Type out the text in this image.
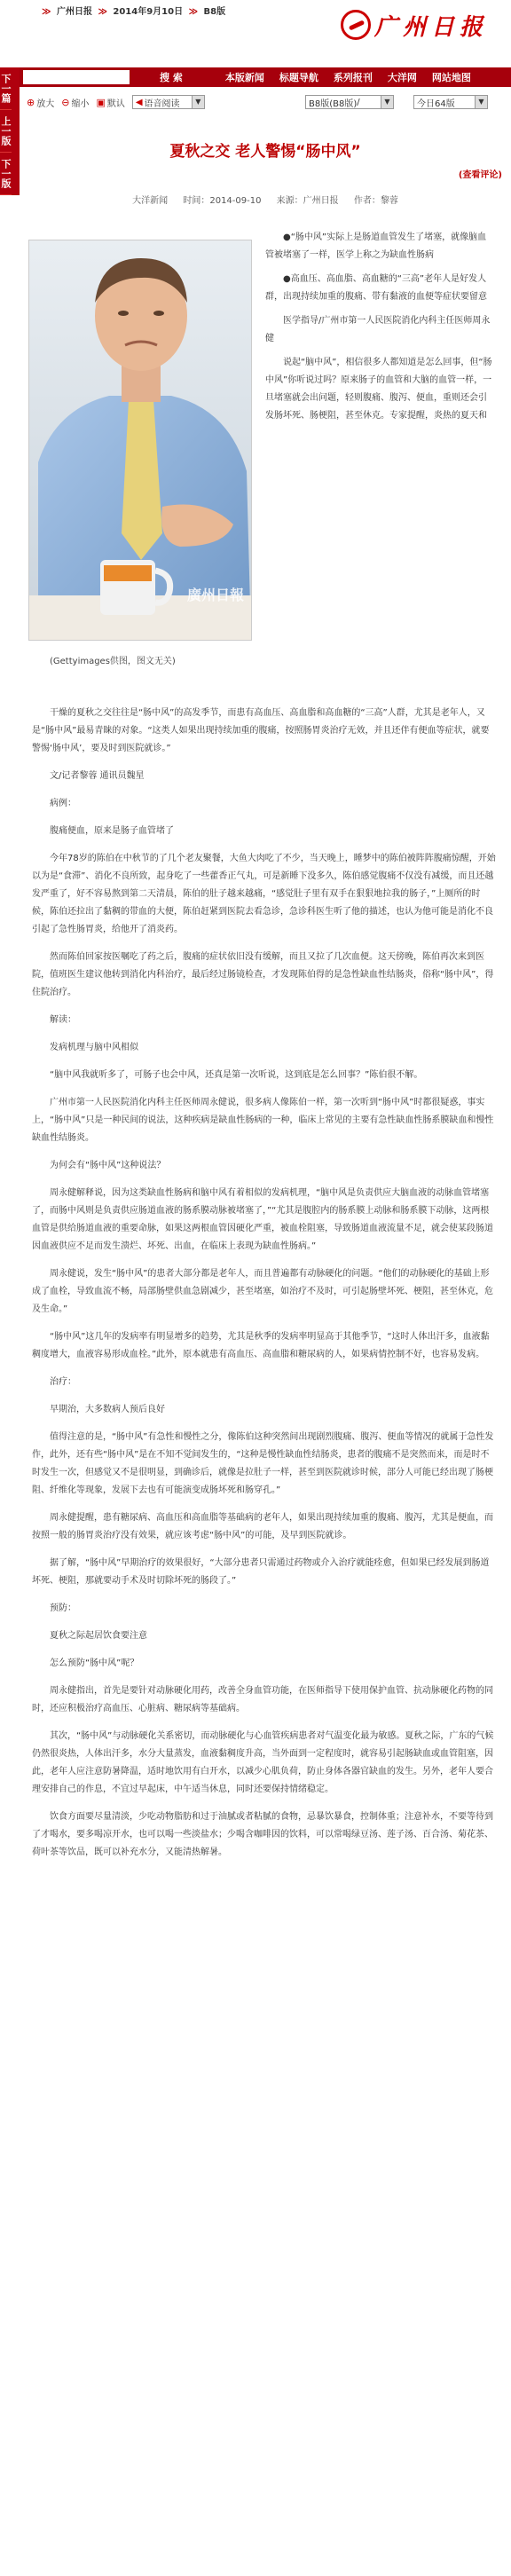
下一篇
上一版
下一版
≫ 广州日报 ≫ 2014年9月10日 ≫ B8版
广州日报
搜 索	本版新闻 标题导航 系列报刊 大洋网 网站地图
⊕ 放大 ⊖ 缩小 ▣ 默认 ◀ 语音阅读	▼	B8版(B8版) /	▼	今日64版	▼
夏秋之交 老人警惕“肠中风”
(查看评论)
大洋新闻 时间：2014-09-10 来源：广州日报 作者：黎蓉
廣州日報
(Gettyimages供图，图文无关)

●“肠中风”实际上是肠道血管发生了堵塞，就像脑血管被堵塞了一样，医学上称之为缺血性肠病

●高血压、高血脂、高血糖的“三高”老年人是好发人群，出现持续加重的腹痛、带有黏液的血便等症状要留意

医学指导/广州市第一人民医院消化内科主任医师周永健

说起“脑中风”，相信很多人都知道是怎么回事，但“肠中风”你听说过吗？原来肠子的血管和大脑的血管一样，一旦堵塞就会出问题，轻则腹痛、腹泻、便血，重则还会引发肠坏死、肠梗阻，甚至休克。专家提醒，炎热的夏天和

干燥的夏秋之交往往是“肠中风”的高发季节，而患有高血压、高血脂和高血糖的“三高”人群，尤其是老年人，又是“肠中风”最易青睐的对象。“这类人如果出现持续加重的腹痛，按照肠胃炎治疗无效，并且还伴有便血等症状，就要警惕‘肠中风’，要及时到医院就诊。”

文/记者黎蓉 通讯员魏星

病例：

腹痛便血，原来是肠子血管堵了

今年78岁的陈伯在中秋节的了几个老友聚餐，大鱼大肉吃了不少，当天晚上，睡梦中的陈伯被阵阵腹痛惊醒，开始以为是“食滞”、消化不良所致，起身吃了一些藿香正气丸，可是新睡下没多久，陈伯感觉腹痛不仅没有减缓，而且还越发严重了，好不容易熬到第二天清晨，陈伯的肚子越来越痛，“感觉肚子里有双手在狠狠地拉我的肠子，”上厕所的时候，陈伯还拉出了黏稠的带血的大便，陈伯赶紧到医院去看急诊，急诊科医生听了他的描述，也认为他可能是消化不良引起了急性肠胃炎，给他开了消炎药。

然而陈伯回家按医嘱吃了药之后，腹痛的症状依旧没有缓解，而且又拉了几次血便。这天傍晚，陈伯再次来到医院，值班医生建议他转到消化内科治疗，最后经过肠镜检查，才发现陈伯得的是急性缺血性结肠炎，俗称“肠中风”，得住院治疗。

解读：

发病机理与脑中风相似

“脑中风我就听多了，可肠子也会中风，还真是第一次听说，这到底是怎么回事？”陈伯很不解。

广州市第一人民医院消化内科主任医师周永健说，很多病人像陈伯一样，第一次听到“肠中风”时都很疑惑，事实上，“肠中风”只是一种民间的说法，这种疾病是缺血性肠病的一种，临床上常见的主要有急性缺血性肠系膜缺血和慢性缺血性结肠炎。

为何会有“肠中风”这种说法？

周永健解释说，因为这类缺血性肠病和脑中风有着相似的发病机理，“脑中风是负责供应大脑血液的动脉血管堵塞了，而肠中风则是负责供应肠道血液的肠系膜动脉被堵塞了，”“尤其是腹腔内的肠系膜上动脉和肠系膜下动脉，这两根血管是供给肠道血液的重要命脉，如果这两根血管因硬化严重，被血栓阻塞，导致肠道血液流量不足，就会使某段肠道因血液供应不足而发生溃烂、坏死、出血，在临床上表现为缺血性肠病。”

周永健说，发生“肠中风”的患者大部分都是老年人，而且普遍都有动脉硬化的问题。“他们的动脉硬化的基础上形成了血栓，导致血流不畅，局部肠壁供血急剧减少，甚至堵塞，如治疗不及时，可引起肠壁坏死、梗阻，甚至休克，危及生命。”

“肠中风”这几年的发病率有明显增多的趋势，尤其是秋季的发病率明显高于其他季节，“这时人体出汗多，血液黏稠度增大，血液容易形成血栓。”此外，原本就患有高血压、高血脂和糖尿病的人，如果病情控制不好，也容易发病。

治疗：

早期治，大多数病人预后良好

值得注意的是，“肠中风”有急性和慢性之分，像陈伯这种突然间出现剧烈腹痛、腹泻、便血等情况的就属于急性发作，此外，还有些“肠中风”是在不知不觉间发生的，“这种是慢性缺血性结肠炎，患者的腹痛不是突然而来，而是时不时发生一次，但感觉又不是很明显，到确诊后，就像是拉肚子一样，甚至到医院就诊时候，部分人可能已经出现了肠梗阻、纤维化等现象，发展下去也有可能演变成肠坏死和肠穿孔。”

周永健提醒，患有糖尿病、高血压和高血脂等基础病的老年人，如果出现持续加重的腹痛、腹泻，尤其是便血，而按照一般的肠胃炎治疗没有效果，就应该考虑“肠中风”的可能，及早到医院就诊。

据了解，“肠中风”早期治疗的效果很好，“大部分患者只需通过药物或介入治疗就能痊愈，但如果已经发展到肠道坏死、梗阻，那就要动手术及时切除坏死的肠段了。”

预防：

夏秋之际起居饮食要注意

怎么预防“肠中风”呢？

周永健指出，首先是要针对动脉硬化用药，改善全身血管功能，在医师指导下使用保护血管、抗动脉硬化药物的同时，还应积极治疗高血压、心脏病、糖尿病等基础病。

其次，“肠中风”与动脉硬化关系密切，而动脉硬化与心血管疾病患者对气温变化最为敏感。夏秋之际，广东的气候仍然很炎热，人体出汗多，水分大量蒸发，血液黏稠度升高，当外面到一定程度时，就容易引起肠缺血或血管阻塞，因此，老年人应注意防暑降温，适时地饮用有白开水，以减少心肌负荷，防止身体各器官缺血的发生。另外，老年人要合理安排自己的作息，不宜过早起床，中午适当休息，同时还要保持情绪稳定。

饮食方面要尽量清淡，少吃动物脂肪和过于油腻或者粘腻的食物，忌暴饮暴食，控制体重；注意补水，不要等待到了才喝水，要多喝凉开水，也可以喝一些淡盐水；少喝含咖啡因的饮料，可以常喝绿豆汤、莲子汤、百合汤、菊花茶、荷叶茶等饮品，既可以补充水分，又能清热解暑。
